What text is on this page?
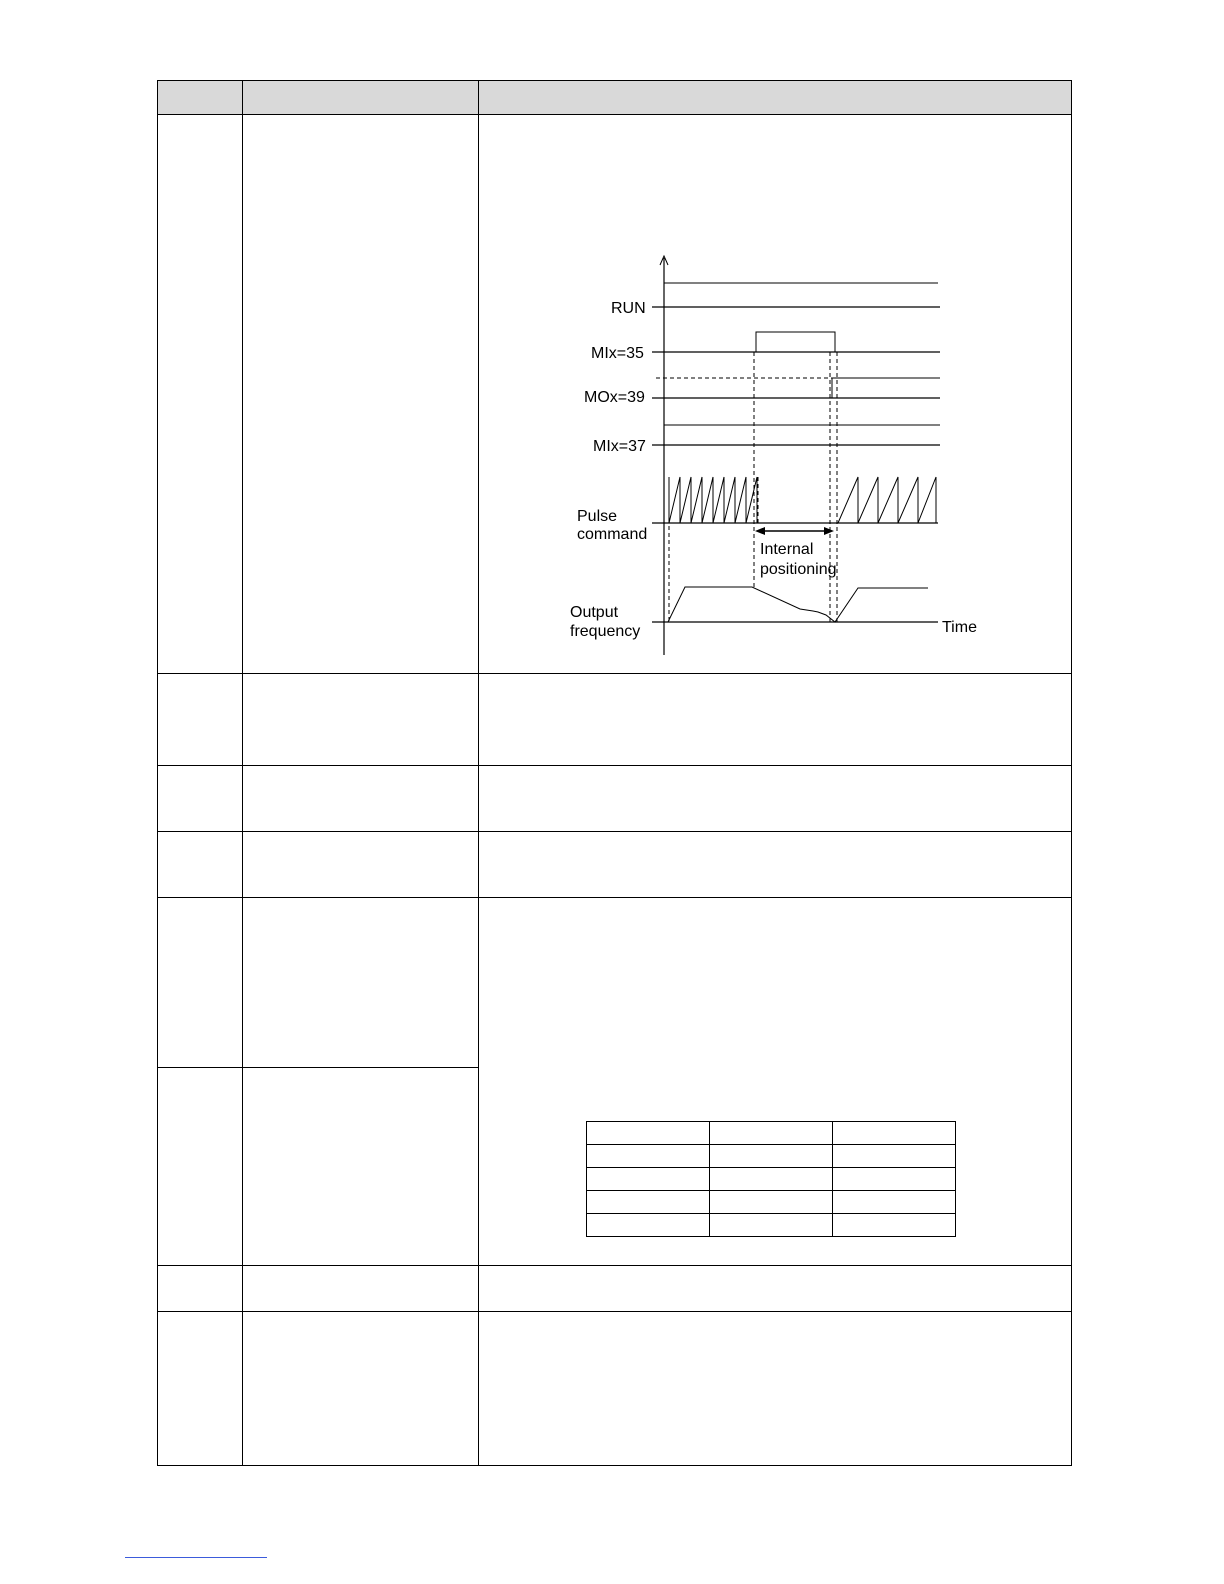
RUN
MIx=35
MOx=39
MIx=37
Pulse
command
Internal
positioning
Output
frequency	Time
